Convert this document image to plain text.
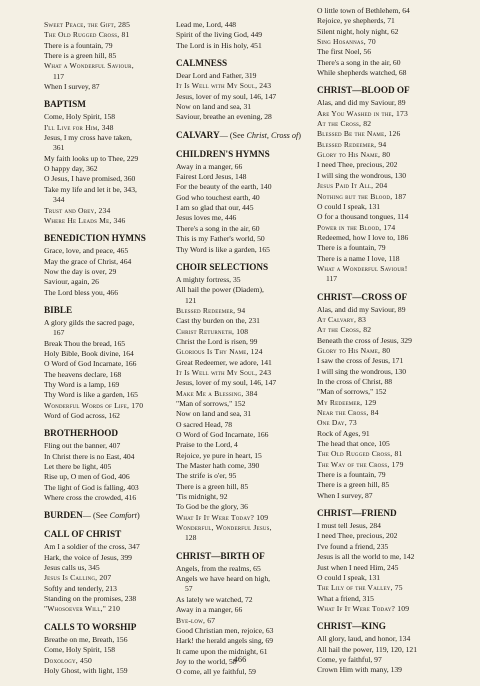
Sweet Peace, the Gift, 285
The Old Rugged Cross, 81
There is a fountain, 79
There is a green hill, 85
What a Wonderful Saviour,
117
When I survey, 87
BAPTISM
Come, Holy Spirit, 158
I'll Live for Him, 348
Jesus, I my cross have taken,
361
My faith looks up to Thee, 229
O happy day, 362
O Jesus, I have promised, 360
Take my life and let it be, 343,
344
Trust and Obey, 234
Where He Leads Me, 346
BENEDICTION HYMNS
Grace, love, and peace, 465
May the grace of Christ, 464
Now the day is over, 29
Saviour, again, 26
The Lord bless you, 466
BIBLE
A glory gilds the sacred page,
167
Break Thou the bread, 165
Holy Bible, Book divine, 164
O Word of God Incarnate, 166
The heavens declare, 168
Thy Word is a lamp, 169
Thy Word is like a garden, 165
Wonderful Words of Life, 170
Word of God across, 162
BROTHERHOOD
Fling out the banner, 407
In Christ there is no East, 404
Let there be light, 405
Rise up, O men of God, 406
The light of God is falling, 403
Where cross the crowded, 416
BURDEN— (See Comfort)
CALL OF CHRIST
Am I a soldier of the cross, 347
Hark, the voice of Jesus, 399
Jesus calls us, 345
Jesus Is Calling, 207
Softly and tenderly, 213
Standing on the promises, 238
"Whosoever Will," 210
CALLS TO WORSHIP
Breathe on me, Breath, 156
Come, Holy Spirit, 158
Doxology, 450
Holy Ghost, with light, 159
Lead me, Lord, 448
Spirit of the living God, 449
The Lord is in His holy, 451
CALMNESS
Dear Lord and Father, 319
It Is Well with My Soul, 243
Jesus, lover of my soul, 146, 147
Now on land and sea, 31
Saviour, breathe an evening, 28
CALVARY— (See Christ, Cross of)
CHILDREN'S HYMNS
Away in a manger, 66
Fairest Lord Jesus, 148
For the beauty of the earth, 140
God who touchest earth, 40
I am so glad that our, 445
Jesus loves me, 446
There's a song in the air, 60
This is my Father's world, 50
Thy Word is like a garden, 165
CHOIR SELECTIONS
A mighty fortress, 35
All hail the power (Diadem),
121
Blessed Redeemer, 94
Cast thy burden on the, 231
Christ Returneth, 108
Christ the Lord is risen, 99
Glorious Is Thy Name, 124
Great Redeemer, we adore, 141
It Is Well with My Soul, 243
Jesus, lover of my soul, 146, 147
Make Me a Blessing, 384
"Man of sorrows," 152
Now on land and sea, 31
O sacred Head, 78
O Word of God Incarnate, 166
Praise to the Lord, 4
Rejoice, ye pure in heart, 15
The Master hath come, 390
The strife is o'er, 95
There is a green hill, 85
'Tis midnight, 92
To God be the glory, 36
What If It Were Today? 109
Wonderful, Wonderful Jesus,
128
CHRIST—BIRTH OF
Angels, from the realms, 65
Angels we have heard on high,
57
As lately we watched, 72
Away in a manger, 66
Bye-low, 67
Good Christian men, rejoice, 63
Hark! the herald angels sing, 69
It came upon the midnight, 61
Joy to the world, 58
O come, all ye faithful, 59
O little town of Bethlehem, 64
Rejoice, ye shepherds, 71
Silent night, holy night, 62
Sing Hosannas, 70
The first Noel, 56
There's a song in the air, 60
While shepherds watched, 68
CHRIST—BLOOD OF
Alas, and did my Saviour, 89
Are You Washed in the, 173
At the Cross, 82
Blessed Be the Name, 126
Blessed Redeemer, 94
Glory to His Name, 80
I need Thee, precious, 202
I will sing the wondrous, 130
Jesus Paid It All, 204
Nothing but the Blood, 187
O could I speak, 131
O for a thousand tongues, 114
Power in the Blood, 174
Redeemed, how I love to, 186
There is a fountain, 79
There is a name I love, 118
What a Wonderful Saviour!
117
CHRIST—CROSS OF
Alas, and did my Saviour, 89
At Calvary, 83
At the Cross, 82
Beneath the cross of Jesus, 329
Glory to His Name, 80
I saw the cross of Jesus, 171
I will sing the wondrous, 130
In the cross of Christ, 88
"Man of sorrows," 152
My Redeemer, 129
Near the Cross, 84
One Day, 73
Rock of Ages, 91
The head that once, 105
The Old Rugged Cross, 81
The Way of the Cross, 179
There is a fountain, 79
There is a green hill, 85
When I survey, 87
CHRIST—FRIEND
I must tell Jesus, 284
I need Thee, precious, 202
I've found a friend, 235
Jesus is all the world to me, 142
Just when I need Him, 245
O could I speak, 131
The Lily of the Valley, 75
What a friend, 315
What If It Were Today? 109
CHRIST—KING
All glory, laud, and honor, 134
All hail the power, 119, 120, 121
Come, ye faithful, 97
Crown Him with many, 139
466
